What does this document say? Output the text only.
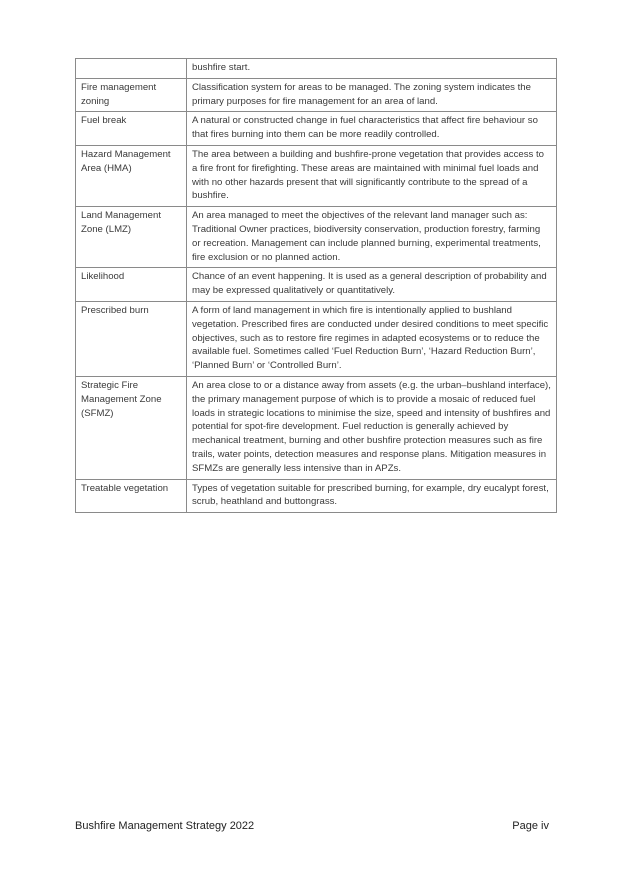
	bushfire start.
Fire management zoning	Classification system for areas to be managed. The zoning system indicates the primary purposes for fire management for an area of land.
Fuel break	A natural or constructed change in fuel characteristics that affect fire behaviour so that fires burning into them can be more readily controlled.
Hazard Management Area (HMA)	The area between a building and bushfire-prone vegetation that provides access to a fire front for firefighting. These areas are maintained with minimal fuel loads and with no other hazards present that will significantly contribute to the spread of a bushfire.
Land Management Zone (LMZ)	An area managed to meet the objectives of the relevant land manager such as: Traditional Owner practices, biodiversity conservation, production forestry, farming or recreation. Management can include planned burning, experimental treatments, fire exclusion or no planned action.
Likelihood	Chance of an event happening. It is used as a general description of probability and may be expressed qualitatively or quantitatively.
Prescribed burn	A form of land management in which fire is intentionally applied to bushland vegetation. Prescribed fires are conducted under desired conditions to meet specific objectives, such as to restore fire regimes in adapted ecosystems or to reduce the available fuel. Sometimes called ‘Fuel Reduction Burn’, ‘Hazard Reduction Burn’, ‘Planned Burn’ or ‘Controlled Burn’.
Strategic Fire Management Zone (SFMZ)	An area close to or a distance away from assets (e.g. the urban–bushland interface), the primary management purpose of which is to provide a mosaic of reduced fuel loads in strategic locations to minimise the size, speed and intensity of bushfires and potential for spot-fire development. Fuel reduction is generally achieved by mechanical treatment, burning and other bushfire protection measures such as fire trails, water points, detection measures and response plans. Mitigation measures in SFMZs are generally less intensive than in APZs.
Treatable vegetation	Types of vegetation suitable for prescribed burning, for example, dry eucalypt forest, scrub, heathland and buttongrass.
Bushfire Management Strategy 2022	Page iv
